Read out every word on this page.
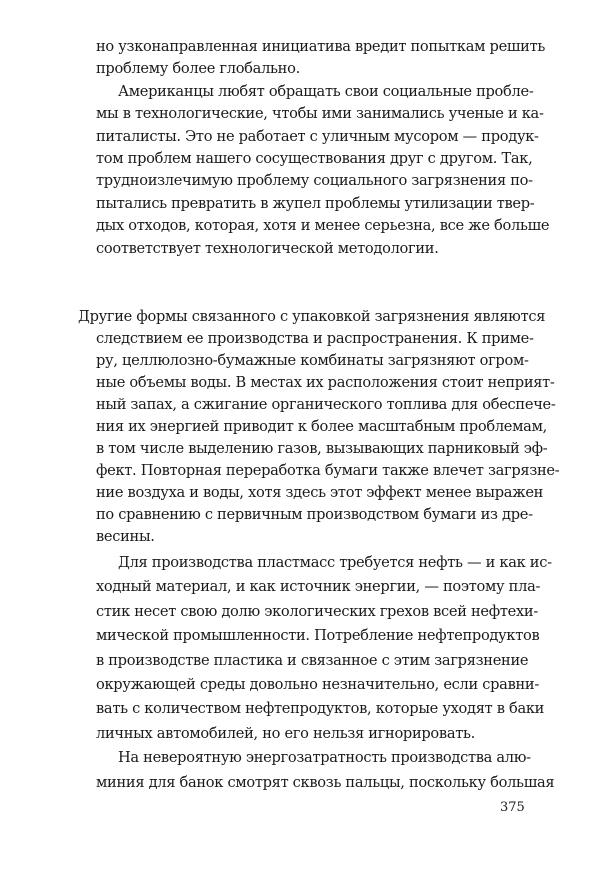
но узконаправленная инициатива вредит попыткам решить
проблему более глобально.
Американцы любят обращать свои социальные пробле-
мы в технологические, чтобы ими занимались ученые и ка-
питалисты. Это не работает с уличным мусором — продук-
том проблем нашего сосуществования друг с другом. Так,
трудноизлечимую проблему социального загрязнения по-
пытались превратить в жупел проблемы утилизации твер-
дых отходов, которая, хотя и менее серьезна, все же больше
соответствует технологической методологии.
Другие формы связанного с упаковкой загрязнения являются
следствием ее производства и распространения. К приме-
ру, целлюлозно-бумажные комбинаты загрязняют огром-
ные объемы воды. В местах их расположения стоит неприят-
ный запах, а сжигание органического топлива для обеспече-
ния их энергией приводит к более масштабным проблемам,
в том числе выделению газов, вызывающих парниковый эф-
фект. Повторная переработка бумаги также влечет загрязне-
ние воздуха и воды, хотя здесь этот эффект менее выражен
по сравнению с первичным производством бумаги из дре-
весины.
Для производства пластмасс требуется нефть — и как ис-
ходный материал, и как источник энергии, — поэтому пла-
стик несет свою долю экологических грехов всей нефтехи-
мической промышленности. Потребление нефтепродуктов
в производстве пластика и связанное с этим загрязнение
окружающей среды довольно незначительно, если сравни-
вать с количеством нефтепродуктов, которые уходят в баки
личных автомобилей, но его нельзя игнорировать.
На невероятную энергозатратность производства алю-
миния для банок смотрят сквозь пальцы, поскольку большая
375
